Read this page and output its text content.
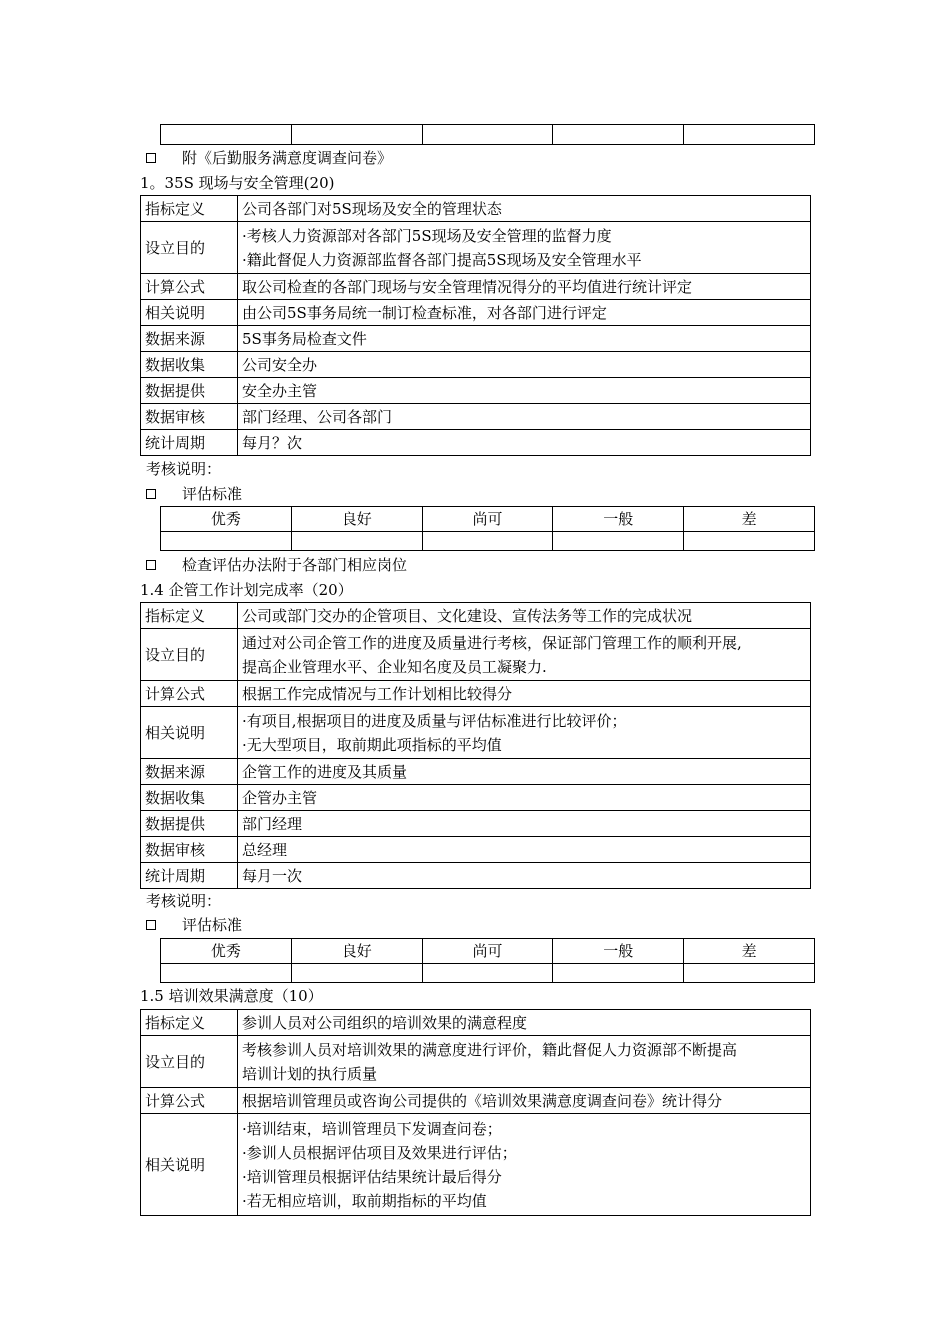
附《后勤服务满意度调查问卷》
1。35S 现场与安全管理(20)
指标定义	公司各部门对5S现场及安全的管理状态

设立目的	·考核人力资源部对各部门5S现场及安全管理的监督力度
·籍此督促人力资源部监督各部门提高5S现场及安全管理水平

计算公式	取公司检查的各部门现场与安全管理情况得分的平均值进行统计评定

相关说明	由公司5S事务局统一制订检查标准，对各部门进行评定

数据来源	5S事务局检查文件

数据收集	公司安全办

数据提供	安全办主管

数据审核	部门经理、公司各部门

统计周期	每月？次
考核说明：
评估标准
优秀	良好	尚可	一般	差

检查评估办法附于各部门相应岗位
1.4 企管工作计划完成率（20）
指标定义	公司或部门交办的企管项目、文化建设、宣传法务等工作的完成状况

设立目的	通过对公司企管工作的进度及质量进行考核，保证部门管理工作的顺利开展,
提高企业管理水平、企业知名度及员工凝聚力.

计算公式	根据工作完成情况与工作计划相比较得分

相关说明	·有项目,根据项目的进度及质量与评估标准进行比较评价；
·无大型项目，取前期此项指标的平均值

数据来源	企管工作的进度及其质量

数据收集	企管办主管

数据提供	部门经理

数据审核	总经理

统计周期	每月一次
考核说明：
评估标准
优秀	良好	尚可	一般	差

1.5 培训效果满意度（10）
指标定义	参训人员对公司组织的培训效果的满意程度

设立目的	考核参训人员对培训效果的满意度进行评价，籍此督促人力资源部不断提高
培训计划的执行质量

计算公式	根据培训管理员或咨询公司提供的《培训效果满意度调查问卷》统计得分

相关说明	·培训结束，培训管理员下发调查问卷；
·参训人员根据评估项目及效果进行评估；
·培训管理员根据评估结果统计最后得分
·若无相应培训，取前期指标的平均值
